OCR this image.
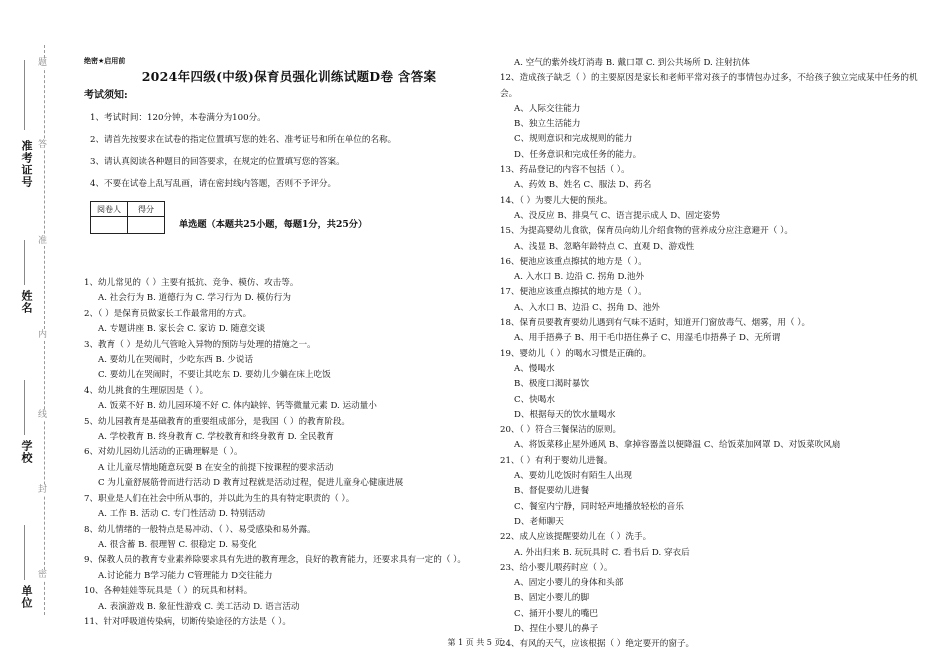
题
答
准
内
线
封
密
准考证号
姓名
学校
单位
绝密★启用前
2024年四级(中级)保育员强化训练试题D卷 含答案
考试须知:
1、考试时间：120分钟，本卷满分为100分。
2、请首先按要求在试卷的指定位置填写您的姓名、准考证号和所在单位的名称。
3、请认真阅读各种题目的回答要求，在规定的位置填写您的答案。
4、不要在试卷上乱写乱画，请在密封线内答题，否则不予评分。
阅卷人	得分

单选题（本题共25小题，每题1分，共25分）
1、幼儿常见的（ ）主要有抵抗、竞争、模仿、攻击等。
A. 社会行为 B. 道德行为 C. 学习行为 D. 模仿行为
2、（ ）是保育员做家长工作最常用的方式。
A. 专题讲座 B. 家长会 C. 家访 D. 随意交谈
3、教育（ ）是幼儿气管呛入异物的预防与处理的措施之一。
A. 要幼儿在哭闹时，少吃东西 B. 少说话
C. 要幼儿在哭闹时，不要让其吃东 D. 要幼儿少躺在床上吃饭
4、幼儿挑食的生理原因是（ ）。
A. 饭菜不好 B. 幼儿园环境不好 C. 体内缺锌、钙等微量元素 D. 运动量小
5、幼儿园教育是基础教育的重要组成部分，是我国（ ）的教育阶段。
A. 学校教育 B. 终身教育 C. 学校教育和终身教育 D. 全民教育
6、对幼儿园幼儿活动的正确理解是（ ）。
A 让儿童尽情地随意玩耍 B 在安全的前提下按课程的要求活动
C 为儿童舒展筋骨而进行活动 D 教育过程就是活动过程，促进儿童身心健康进展
7、职业是人们在社会中所从事的，并以此为生的具有特定职责的（ ）。
A. 工作 B. 活动 C. 专门性活动 D. 特别活动
8、幼儿情绪的一般特点是易冲动、（ ）、易受感染和易外露。
A. 很含蓄 B. 很理智 C. 很稳定 D. 易变化
9、保教人员的教育专业素养除要求具有先进的教育理念，良好的教育能力，还要求具有一定的（ ）。
A.讨论能力 B学习能力 C管理能力 D交往能力
10、各种娃娃等玩具是（ ）的玩具和材料。
A. 表演游戏 B. 象征性游戏 C. 美工活动 D. 语言活动
11、针对呼吸道传染病，切断传染途径的方法是（ ）。
A. 空气的紫外线灯消毒 B. 戴口罩 C. 到公共场所 D. 注射抗体
12、造成孩子缺乏（ ）的主要原因是家长和老师平常对孩子的事情包办过多，不给孩子独立完成某中任务的机会。
A、人际交往能力
B、独立生活能力
C、规则意识和完成规则的能力
D、任务意识和完成任务的能力。
13、药品登记的内容不包括（ ）。
A、药效 B、姓名 C、服法 D、药名
14、（ ）为婴儿大便的预兆。
A、没反应 B、排臭气 C、语言提示成人 D、固定姿势
15、为提高婴幼儿食欲，保育员向幼儿介绍食物的营养成分应注意避开（ ）。
A、浅显 B、忽略年龄特点 C、直观 D、游戏性
16、便池应该重点擦拭的地方是（ ）。
A. 入水口 B. 边沿 C. 拐角 D.池外
17、便池应该重点擦拭的地方是（ ）。
A、入水口 B、边沿 C、拐角 D、池外
18、保育员要教育要幼儿遇到有气味不适时，知道开门窗放毒气、烟雾，用（ ）。
A、用手捂鼻子 B、用干毛巾捂住鼻子 C、用湿毛巾捂鼻子 D、无所谓
19、婴幼儿（ ）的喝水习惯是正确的。
A、慢喝水
B、极度口渴时暴饮
C、快喝水
D、根据每天的饮水量喝水
20、（ ）符合三餐保洁的原则。
A、将饭菜移止屋外通风 B、拿掉容器盖以便降温 C、给饭菜加网罩 D、对饭菜吹风扇
21、（ ）有利于婴幼儿进餐。
A、要幼儿吃饭时有陌生人出现
B、督促要幼儿进餐
C、餐室内宁静，同时轻声地播放轻松的音乐
D、老师聊天
22、成人应该提醒要幼儿在（ ）洗手。
A. 外出归来 B. 玩玩具时 C. 看书后 D. 穿衣后
23、给小婴儿喂药时应（ ）。
A、固定小婴儿的身体和头部
B、固定小婴儿的脚
C、捅开小婴儿的嘴巴
D、捏住小婴儿的鼻子
24、有风的天气，应该根据（ ）绝定要开的窗子。
第 1 页 共 5 页
